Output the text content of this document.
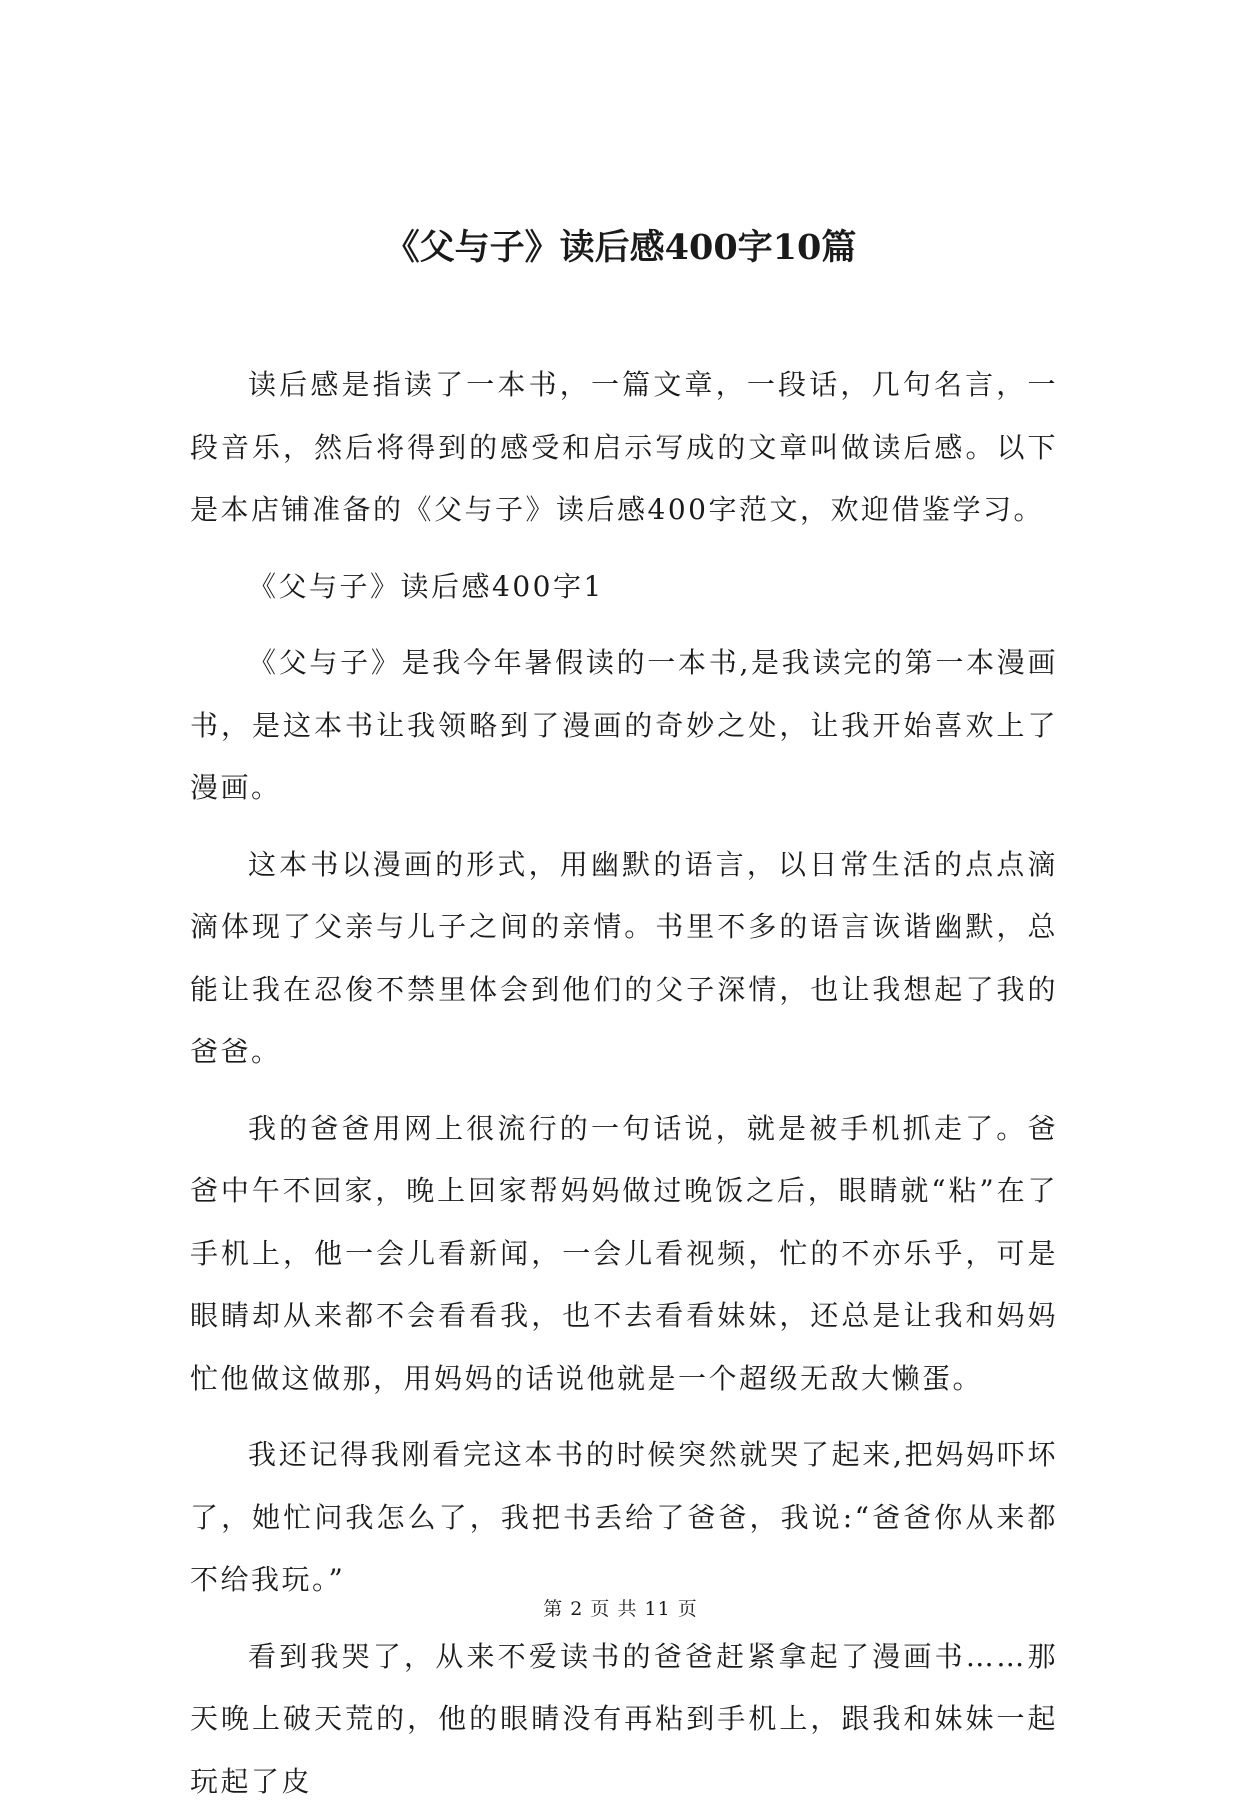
《父与子》读后感400字10篇

读后感是指读了一本书，一篇文章，一段话，几句名言，一段音乐，然后将得到的感受和启示写成的文章叫做读后感。以下是本店铺准备的《父与子》读后感400字范文，欢迎借鉴学习。

《父与子》读后感400字1

《父与子》是我今年暑假读的一本书,是我读完的第一本漫画书，是这本书让我领略到了漫画的奇妙之处，让我开始喜欢上了漫画。

这本书以漫画的形式，用幽默的语言，以日常生活的点点滴滴体现了父亲与儿子之间的亲情。书里不多的语言诙谐幽默，总能让我在忍俊不禁里体会到他们的父子深情，也让我想起了我的爸爸。

我的爸爸用网上很流行的一句话说，就是被手机抓走了。爸爸中午不回家，晚上回家帮妈妈做过晚饭之后，眼睛就“粘”在了手机上，他一会儿看新闻，一会儿看视频，忙的不亦乐乎，可是眼睛却从来都不会看看我，也不去看看妹妹，还总是让我和妈妈忙他做这做那，用妈妈的话说他就是一个超级无敌大懒蛋。

我还记得我刚看完这本书的时候突然就哭了起来,把妈妈吓坏了，她忙问我怎么了，我把书丢给了爸爸，我说:“爸爸你从来都不给我玩。”

看到我哭了，从来不爱读书的爸爸赶紧拿起了漫画书……那天晚上破天荒的，他的眼睛没有再粘到手机上，跟我和妹妹一起玩起了皮

第 2 页 共 11 页
